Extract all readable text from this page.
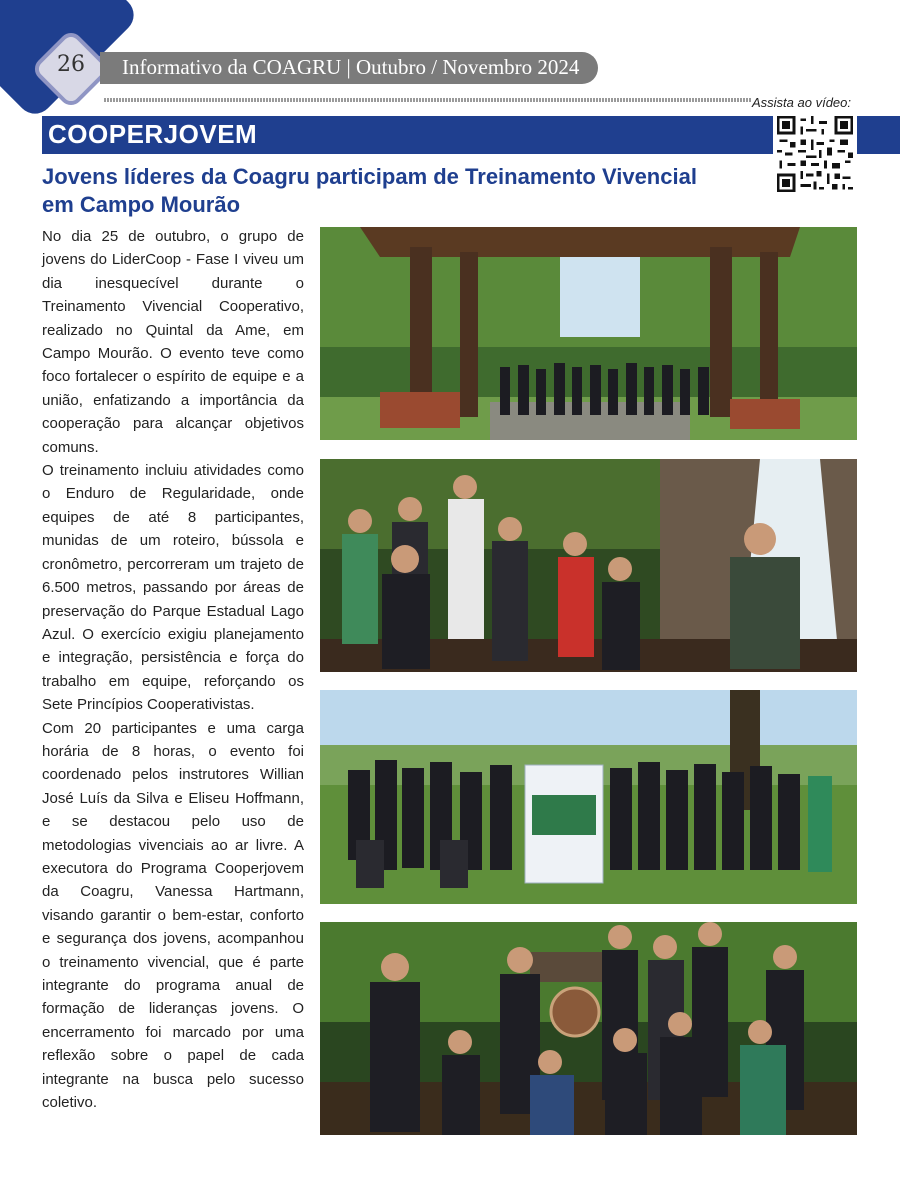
26	Informativo da COAGRU | Outubro / Novembro 2024
Assista ao vídeo:
COOPERJOVEM
Jovens líderes da Coagru participam de Treinamento Vivencial em Campo Mourão

No dia 25 de outubro, o grupo de jovens do LiderCoop - Fase I viveu um dia inesquecível durante o Treinamento Vivencial Cooperativo, realizado no Quintal da Ame, em Campo Mourão. O evento teve como foco fortalecer o espírito de equipe e a união, enfatizando a importância da cooperação para alcançar objetivos comuns.

O treinamento incluiu atividades como o Enduro de Regularidade, onde equipes de até 8 participantes, munidas de um roteiro, bússola e cronômetro, percorreram um trajeto de 6.500 metros, passando por áreas de preservação do Parque Estadual Lago Azul. O exercício exigiu planejamento e integração, persistência e força do trabalho em equipe, reforçando os Sete Princípios Cooperativistas.

Com 20 participantes e uma carga horária de 8 horas, o evento foi coordenado pelos instrutores Willian José Luís da Silva e Eliseu Hoffmann, e se destacou pelo uso de metodologias vivenciais ao ar livre. A executora do Programa Cooperjovem da Coagru, Vanessa Hartmann, visando garantir o bem-estar, conforto e segurança dos jovens, acompanhou o treinamento vivencial, que é parte integrante do programa anual de formação de lideranças jovens. O encerramento foi marcado por uma reflexão sobre o papel de cada integrante na busca pelo sucesso coletivo.
